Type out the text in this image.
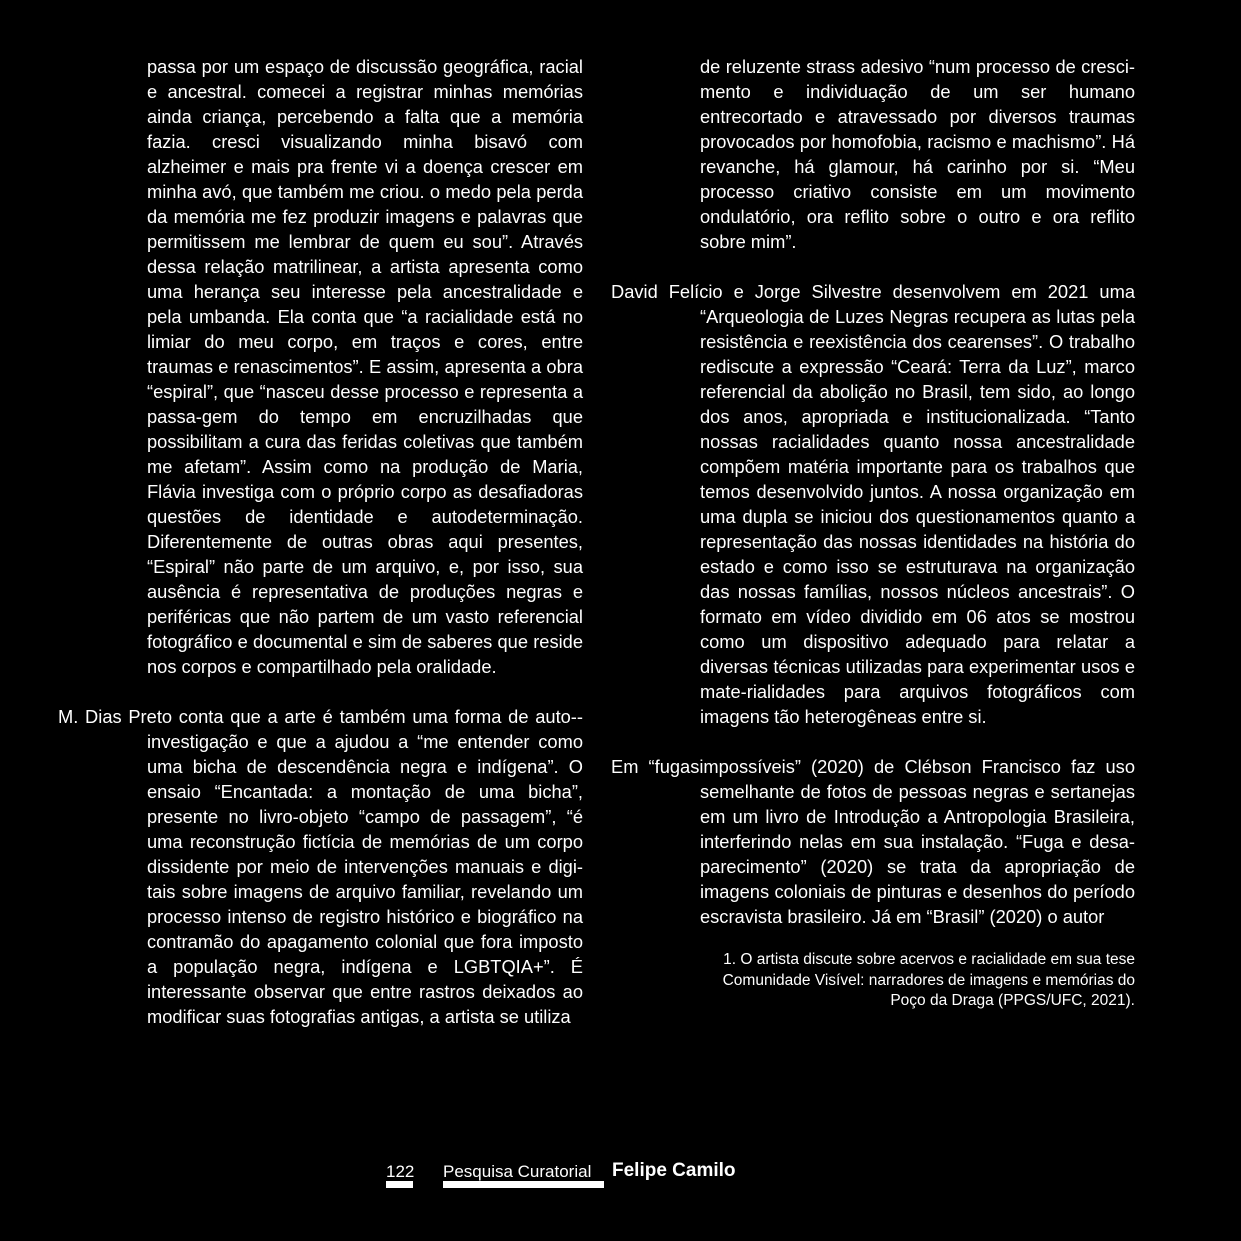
passa por um espaço de discussão geográfica, racial e ancestral. comecei a registrar minhas memórias ainda criança, percebendo a falta que a memória fazia. cresci visualizando minha bisavó com alzheimer e mais pra frente vi a doença crescer em minha avó, que também me criou. o medo pela perda da memória me fez produzir imagens e palavras que permitissem me lembrar de quem eu sou”. Através dessa relação matrilinear, a artista apresenta como uma herança seu interesse pela ancestralidade e pela umbanda. Ela conta que “a racialidade está no limiar do meu corpo, em traços e cores, entre traumas e renascimentos”. E assim, apresenta a obra “espiral”, que “nasceu desse processo e representa a passa-gem do tempo em encruzilhadas que possibilitam a cura das feridas coletivas que também me afetam”. Assim como na produção de Maria, Flávia investiga com o próprio corpo as desafiadoras questões de identidade e autodeterminação. Diferentemente de outras obras aqui presentes, “Espiral” não parte de um arquivo, e, por isso, sua ausência é representativa de produções negras e periféricas que não partem de um vasto referencial fotográfico e documental e sim de saberes que reside nos corpos e compartilhado pela oralidade.

M. Dias Preto conta que a arte é também uma forma de auto--investigação e que a ajudou a “me entender como uma bicha de descendência negra e indígena”. O ensaio “Encantada: a montação de uma bicha”, presente no livro-objeto “campo de passagem”, “é uma reconstrução fictícia de memórias de um corpo dissidente por meio de intervenções manuais e digi-tais sobre imagens de arquivo familiar, revelando um processo intenso de registro histórico e biográfico na contramão do apagamento colonial que fora imposto a população negra, indígena e LGBTQIA+”. É interessante observar que entre rastros deixados ao modificar suas fotografias antigas, a artista se utiliza

de reluzente strass adesivo “num processo de cresci-mento e individuação de um ser humano entrecortado e atravessado por diversos traumas provocados por homofobia, racismo e machismo”. Há revanche, há glamour, há carinho por si. “Meu processo criativo consiste em um movimento ondulatório, ora reflito sobre o outro e ora reflito sobre mim”.

David Felício e Jorge Silvestre desenvolvem em 2021 uma “Arqueologia de Luzes Negras recupera as lutas pela resistência e reexistência dos cearenses”. O trabalho rediscute a expressão “Ceará: Terra da Luz”, marco referencial da abolição no Brasil, tem sido, ao longo dos anos, apropriada e institucionalizada. “Tanto nossas racialidades quanto nossa ancestralidade compõem matéria importante para os trabalhos que temos desenvolvido juntos. A nossa organização em uma dupla se iniciou dos questionamentos quanto a representação das nossas identidades na história do estado e como isso se estruturava na organização das nossas famílias, nossos núcleos ancestrais”. O formato em vídeo dividido em 06 atos se mostrou como um dispositivo adequado para relatar a diversas técnicas utilizadas para experimentar usos e mate-rialidades para arquivos fotográficos com imagens tão heterogêneas entre si.

Em “fugasimpossíveis” (2020) de Clébson Francisco faz uso semelhante de fotos de pessoas negras e sertanejas em um livro de Introdução a Antropologia Brasileira, interferindo nelas em sua instalação. “Fuga e desa-parecimento” (2020) se trata da apropriação de imagens coloniais de pinturas e desenhos do período escravista brasileiro. Já em “Brasil” (2020) o autor

1. O artista discute sobre acervos e racialidade em sua tese
Comunidade Visível: narradores de imagens e memórias do
Poço da Draga (PPGS/UFC, 2021).
122 Pesquisa Curatorial Felipe Camilo
